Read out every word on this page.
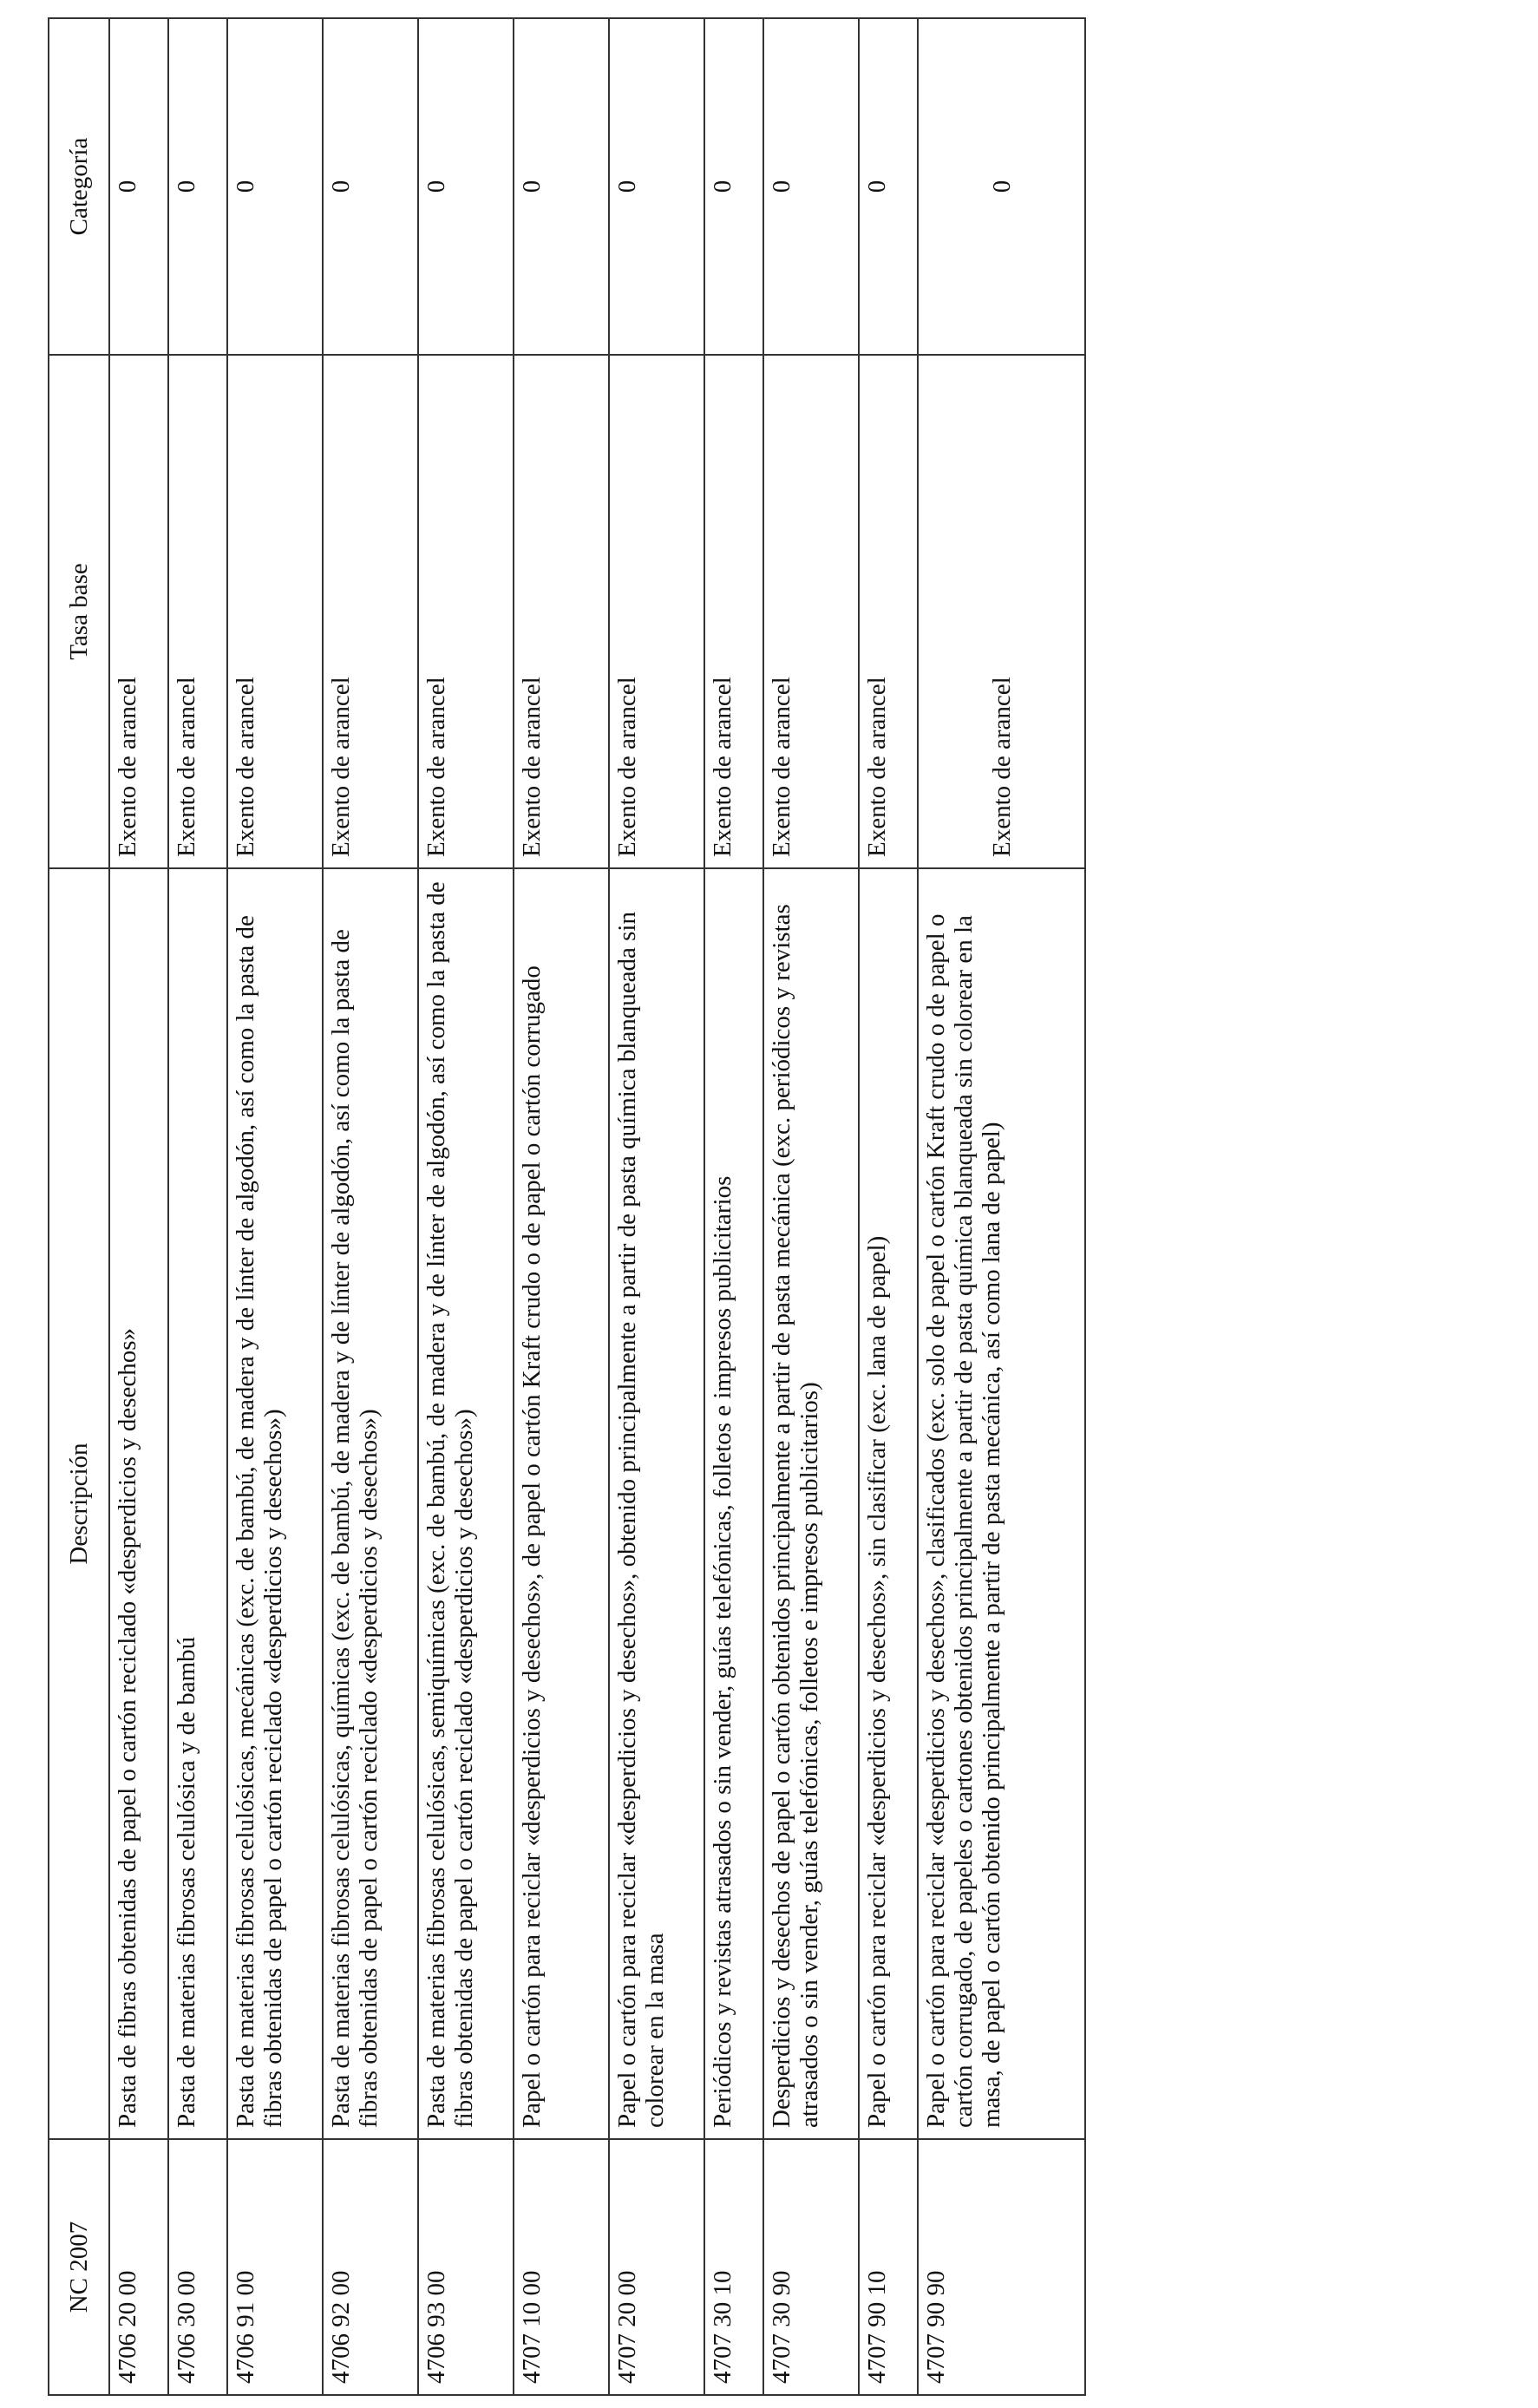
NC 2007	Descripción	Tasa base	Categoría
4706 20 00	Pasta de fibras obtenidas de papel o cartón reciclado «desperdicios y desechos»	Exento de arancel	0
4706 30 00	Pasta de materias fibrosas celulósica y de bambú	Exento de arancel	0
4706 91 00	Pasta de materias fibrosas celulósicas, mecánicas (exc. de bambú, de madera y de línter de algodón, así como la pasta de fibras obtenidas de papel o cartón reciclado «desperdicios y desechos»)	Exento de arancel	0
4706 92 00	Pasta de materias fibrosas celulósicas, químicas (exc. de bambú, de madera y de línter de algodón, así como la pasta de fibras obtenidas de papel o cartón reciclado «desperdicios y desechos»)	Exento de arancel	0
4706 93 00	Pasta de materias fibrosas celulósicas, semiquímicas (exc. de bambú, de madera y de línter de algodón, así como la pasta de fibras obtenidas de papel o cartón reciclado «desperdicios y desechos»)	Exento de arancel	0
4707 10 00	Papel o cartón para reciclar «desperdicios y desechos», de papel o cartón Kraft crudo o de papel o cartón corrugado	Exento de arancel	0
4707 20 00	Papel o cartón para reciclar «desperdicios y desechos», obtenido principalmente a partir de pasta química blanqueada sin colorear en la masa	Exento de arancel	0
4707 30 10	Periódicos y revistas atrasados o sin vender, guías telefónicas, folletos e impresos publicitarios	Exento de arancel	0
4707 30 90	Desperdicios y desechos de papel o cartón obtenidos principalmente a partir de pasta mecánica (exc. periódicos y revistas atrasados o sin vender, guías telefónicas, folletos e impresos publicitarios)	Exento de arancel	0
4707 90 10	Papel o cartón para reciclar «desperdicios y desechos», sin clasificar (exc. lana de papel)	Exento de arancel	0
4707 90 90	Papel o cartón para reciclar «desperdicios y desechos», clasificados (exc. solo de papel o cartón Kraft crudo o de papel o cartón corrugado, de papeles o cartones obtenidos principalmente a partir de pasta química blanqueada sin colorear en la masa, de papel o cartón obtenido principalmente a partir de pasta mecánica, así como lana de papel)	Exento de arancel	0
